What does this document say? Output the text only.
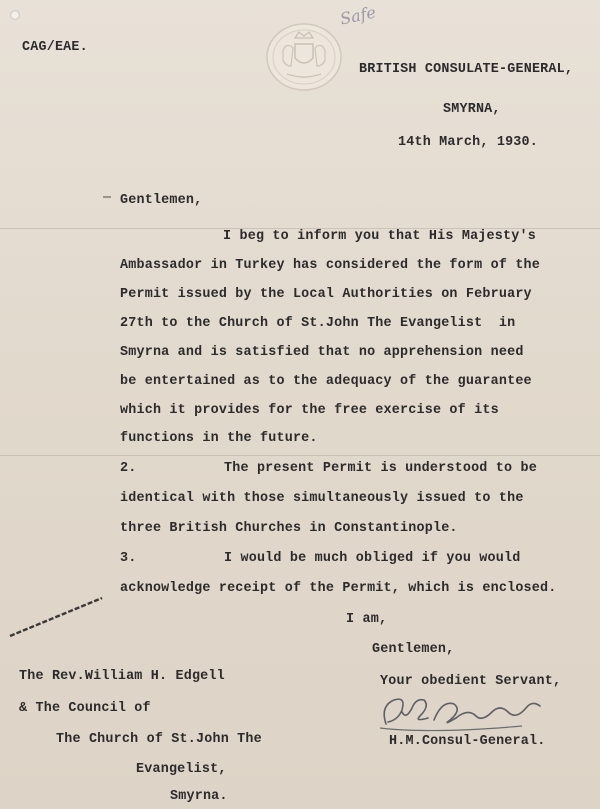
Safe
CAG/EAE.
BRITISH CONSULATE-GENERAL,
SMYRNA,
14th March, 1930.
Gentlemen,
I beg to inform you that His Majesty's
Ambassador in Turkey has considered the form of the
Permit issued by the Local Authorities on February
27th to the Church of St.John The Evangelist  in
Smyrna and is satisfied that no apprehension need
be entertained as to the adequacy of the guarantee
which it provides for the free exercise of its
functions in the future.
2.	The present Permit is understood to be
identical with those simultaneously issued to the
three British Churches in Constantinople.
3.	I would be much obliged if you would
acknowledge receipt of the Permit, which is enclosed.
I am,
Gentlemen,
Your obedient Servant,
H.M.Consul-General.
The Rev.William H. Edgell
& The Council of
The Church of St.John The
Evangelist,
Smyrna.
